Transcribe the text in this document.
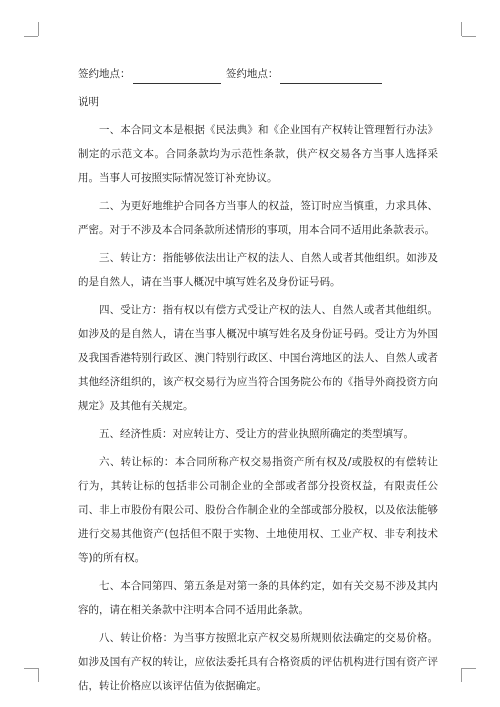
签约地点：	签约地点：
说明

一、本合同文本是根据《民法典》和《企业国有产权转让管理暂行办法》制定的示范文本。合同条款均为示范性条款，供产权交易各方当事人选择采用。当事人可按照实际情况签订补充协议。

二、为更好地维护合同各方当事人的权益，签订时应当慎重，力求具体、严密。对于不涉及本合同条款所述情形的事项，用本合同不适用此条款表示。

三、转让方：指能够依法出让产权的法人、自然人或者其他组织。如涉及的是自然人，请在当事人概况中填写姓名及身份证号码。

四、受让方：指有权以有偿方式受让产权的法人、自然人或者其他组织。如涉及的是自然人，请在当事人概况中填写姓名及身份证号码。受让方为外国及我国香港特别行政区、澳门特别行政区、中国台湾地区的法人、自然人或者其他经济组织的，该产权交易行为应当符合国务院公布的《指导外商投资方向规定》及其他有关规定。

五、经济性质：对应转让方、受让方的营业执照所确定的类型填写。

六、转让标的：本合同所称产权交易指资产所有权及/或股权的有偿转让行为，其转让标的包括非公司制企业的全部或者部分投资权益，有限责任公司、非上市股份有限公司、股份合作制企业的全部或部分股权，以及依法能够进行交易其他资产(包括但不限于实物、土地使用权、工业产权、非专利技术等)的所有权。

七、本合同第四、第五条是对第一条的具体约定，如有关交易不涉及其内容的，请在相关条款中注明本合同不适用此条款。

八、转让价格：为当事方按照北京产权交易所规则依法确定的交易价格。如涉及国有产权的转让，应依法委托具有合格资质的评估机构进行国有资产评估，转让价格应以该评估值为依据确定。
